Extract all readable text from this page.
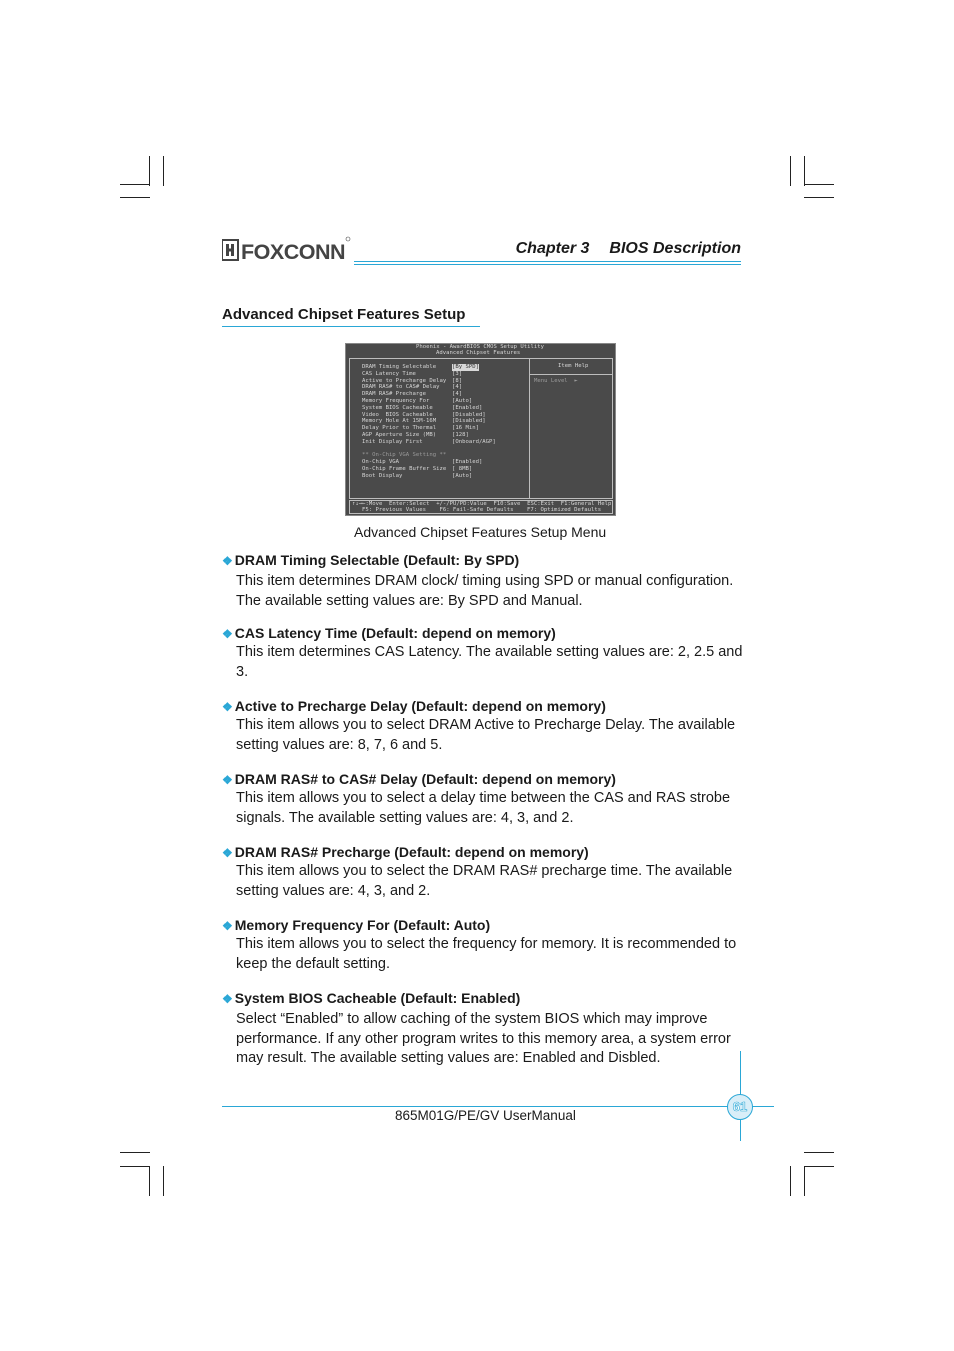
FOXCONN	Chapter 3 BIOS Description
Advanced Chipset Features Setup
Phoenix - AwardBIOS CMOS Setup Utility
Advanced Chipset Features
Item Help
Menu Level  ►
DRAM Timing Selectable	[By SPD]
CAS Latency Time	[3]
Active to Precharge Delay [8]
DRAM RAS# to CAS# Delay [4]
DRAM RAS# Precharge	[4]
Memory Frequency For	[Auto]
System BIOS Cacheable	[Enabled]
Video  BIOS Cacheable	[Disabled]
Memory Hole At 15M-16M	[Disabled]
Delay Prior to Thermal	[16 Min]
AGP Aperture Size (MB)	[128]
Init Display First	[Onboard/AGP]
** On-Chip VGA Setting **
On-Chip VGA	[Enabled]
On-Chip Frame Buffer Size [ 8MB]
Boot Display	[Auto]
↑↓→←:Move  Enter:Select  +/-/PU/PD:Value  F10:Save  ESC:Exit  F1:General Help
F5: Previous Values    F6: Fail-Safe Defaults    F7: Optimized Defaults
Advanced Chipset Features Setup Menu
❖ DRAM Timing Selectable (Default: By SPD)
This item determines DRAM clock/ timing using SPD or manual configuration. The available setting values are: By SPD and Manual.
❖ CAS Latency Time (Default: depend on memory)
This item determines CAS Latency. The available setting values are: 2, 2.5 and 3.
❖ Active to Precharge Delay (Default: depend on memory)
This item allows you to select DRAM Active to Precharge Delay. The available setting values are: 8, 7, 6 and 5.
❖ DRAM RAS# to CAS# Delay (Default: depend on memory)
This item allows you to select a delay time between the CAS and RAS strobe signals. The available setting values are: 4, 3, and 2.
❖ DRAM RAS# Precharge (Default: depend on memory)
This item allows you to select the DRAM RAS# precharge time. The available setting values are: 4, 3, and 2.
❖ Memory Frequency For (Default: Auto)
This item allows you to select the frequency for memory. It is recommended to keep the default setting.
❖ System BIOS Cacheable (Default: Enabled)
Select “Enabled” to allow caching of the system BIOS which may improve performance. If any other program writes to this memory area, a system error may result. The available setting values are: Enabled and Disbled.
61
865M01G/PE/GV UserManual
